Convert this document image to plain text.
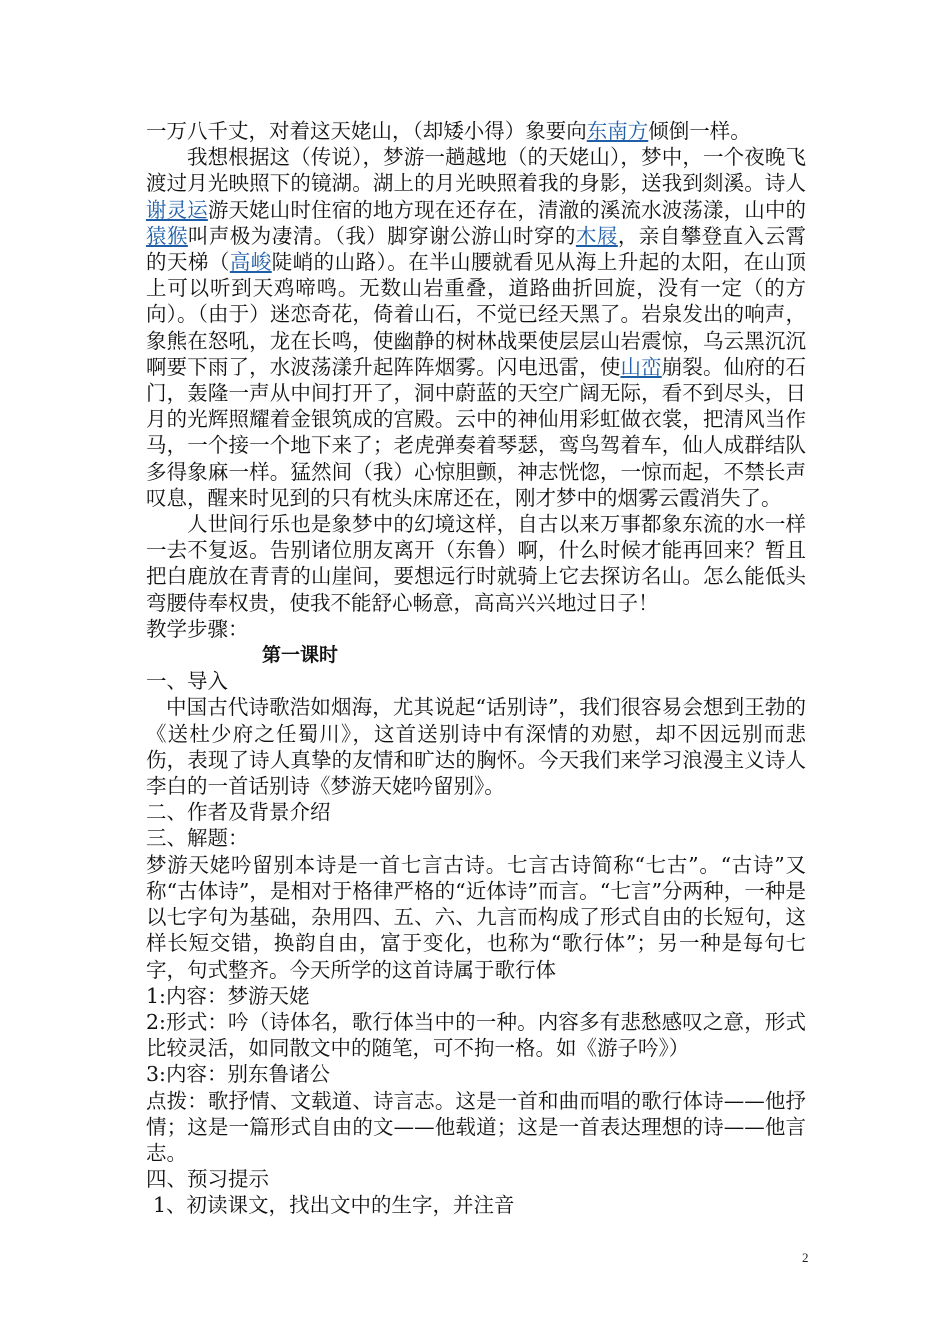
一万八千丈，对着这天姥山，（却矮小得）象要向东南方倾倒一样。

我想根据这（传说），梦游一趟越地（的天姥山），梦中，一个夜晚飞渡过月光映照下的镜湖。湖上的月光映照着我的身影，送我到剡溪。诗人谢灵运游天姥山时住宿的地方现在还存在，清澈的溪流水波荡漾，山中的猿猴叫声极为凄清。（我）脚穿谢公游山时穿的木屐，亲自攀登直入云霄的天梯（高峻陡峭的山路）。在半山腰就看见从海上升起的太阳，在山顶上可以听到天鸡啼鸣。无数山岩重叠，道路曲折回旋，没有一定（的方向）。（由于）迷恋奇花，倚着山石，不觉已经天黑了。岩泉发出的响声，象熊在怒吼，龙在长鸣，使幽静的树林战栗使层层山岩震惊，乌云黑沉沉啊要下雨了，水波荡漾升起阵阵烟雾。闪电迅雷，使山峦崩裂。仙府的石门，轰隆一声从中间打开了，洞中蔚蓝的天空广阔无际，看不到尽头，日月的光辉照耀着金银筑成的宫殿。云中的神仙用彩虹做衣裳，把清风当作马，一个接一个地下来了；老虎弹奏着琴瑟，鸾鸟驾着车，仙人成群结队多得象麻一样。猛然间（我）心惊胆颤，神志恍惚，一惊而起，不禁长声叹息，醒来时见到的只有枕头床席还在，刚才梦中的烟雾云霞消失了。

人世间行乐也是象梦中的幻境这样，自古以来万事都象东流的水一样一去不复返。告别诸位朋友离开（东鲁）啊，什么时候才能再回来？暂且把白鹿放在青青的山崖间，要想远行时就骑上它去探访名山。怎么能低头弯腰侍奉权贵，使我不能舒心畅意，高高兴兴地过日子！

教学步骤：

第一课时

一、导入

中国古代诗歌浩如烟海，尤其说起“话别诗”，我们很容易会想到王勃的《送杜少府之任蜀川》，这首送别诗中有深情的劝慰，却不因远别而悲伤，表现了诗人真挚的友情和旷达的胸怀。今天我们来学习浪漫主义诗人李白的一首话别诗《梦游天姥吟留别》。

二、作者及背景介绍

三、解题：

梦游天姥吟留别本诗是一首七言古诗。七言古诗简称“七古”。“古诗”又称“古体诗”，是相对于格律严格的“近体诗”而言。“七言”分两种，一种是以七字句为基础，杂用四、五、六、九言而构成了形式自由的长短句，这样长短交错，换韵自由，富于变化，也称为“歌行体”；另一种是每句七字，句式整齐。今天所学的这首诗属于歌行体

1:内容：梦游天姥

2:形式：吟（诗体名，歌行体当中的一种。内容多有悲愁感叹之意，形式比较灵活，如同散文中的随笔，可不拘一格。如《游子吟》）

3:内容：别东鲁诸公

点拨：歌抒情、文载道、诗言志。这是一首和曲而唱的歌行体诗——他抒情；这是一篇形式自由的文——他载道；这是一首表达理想的诗——他言志。

四、预习提示

1、初读课文，找出文中的生字，并注音

2
